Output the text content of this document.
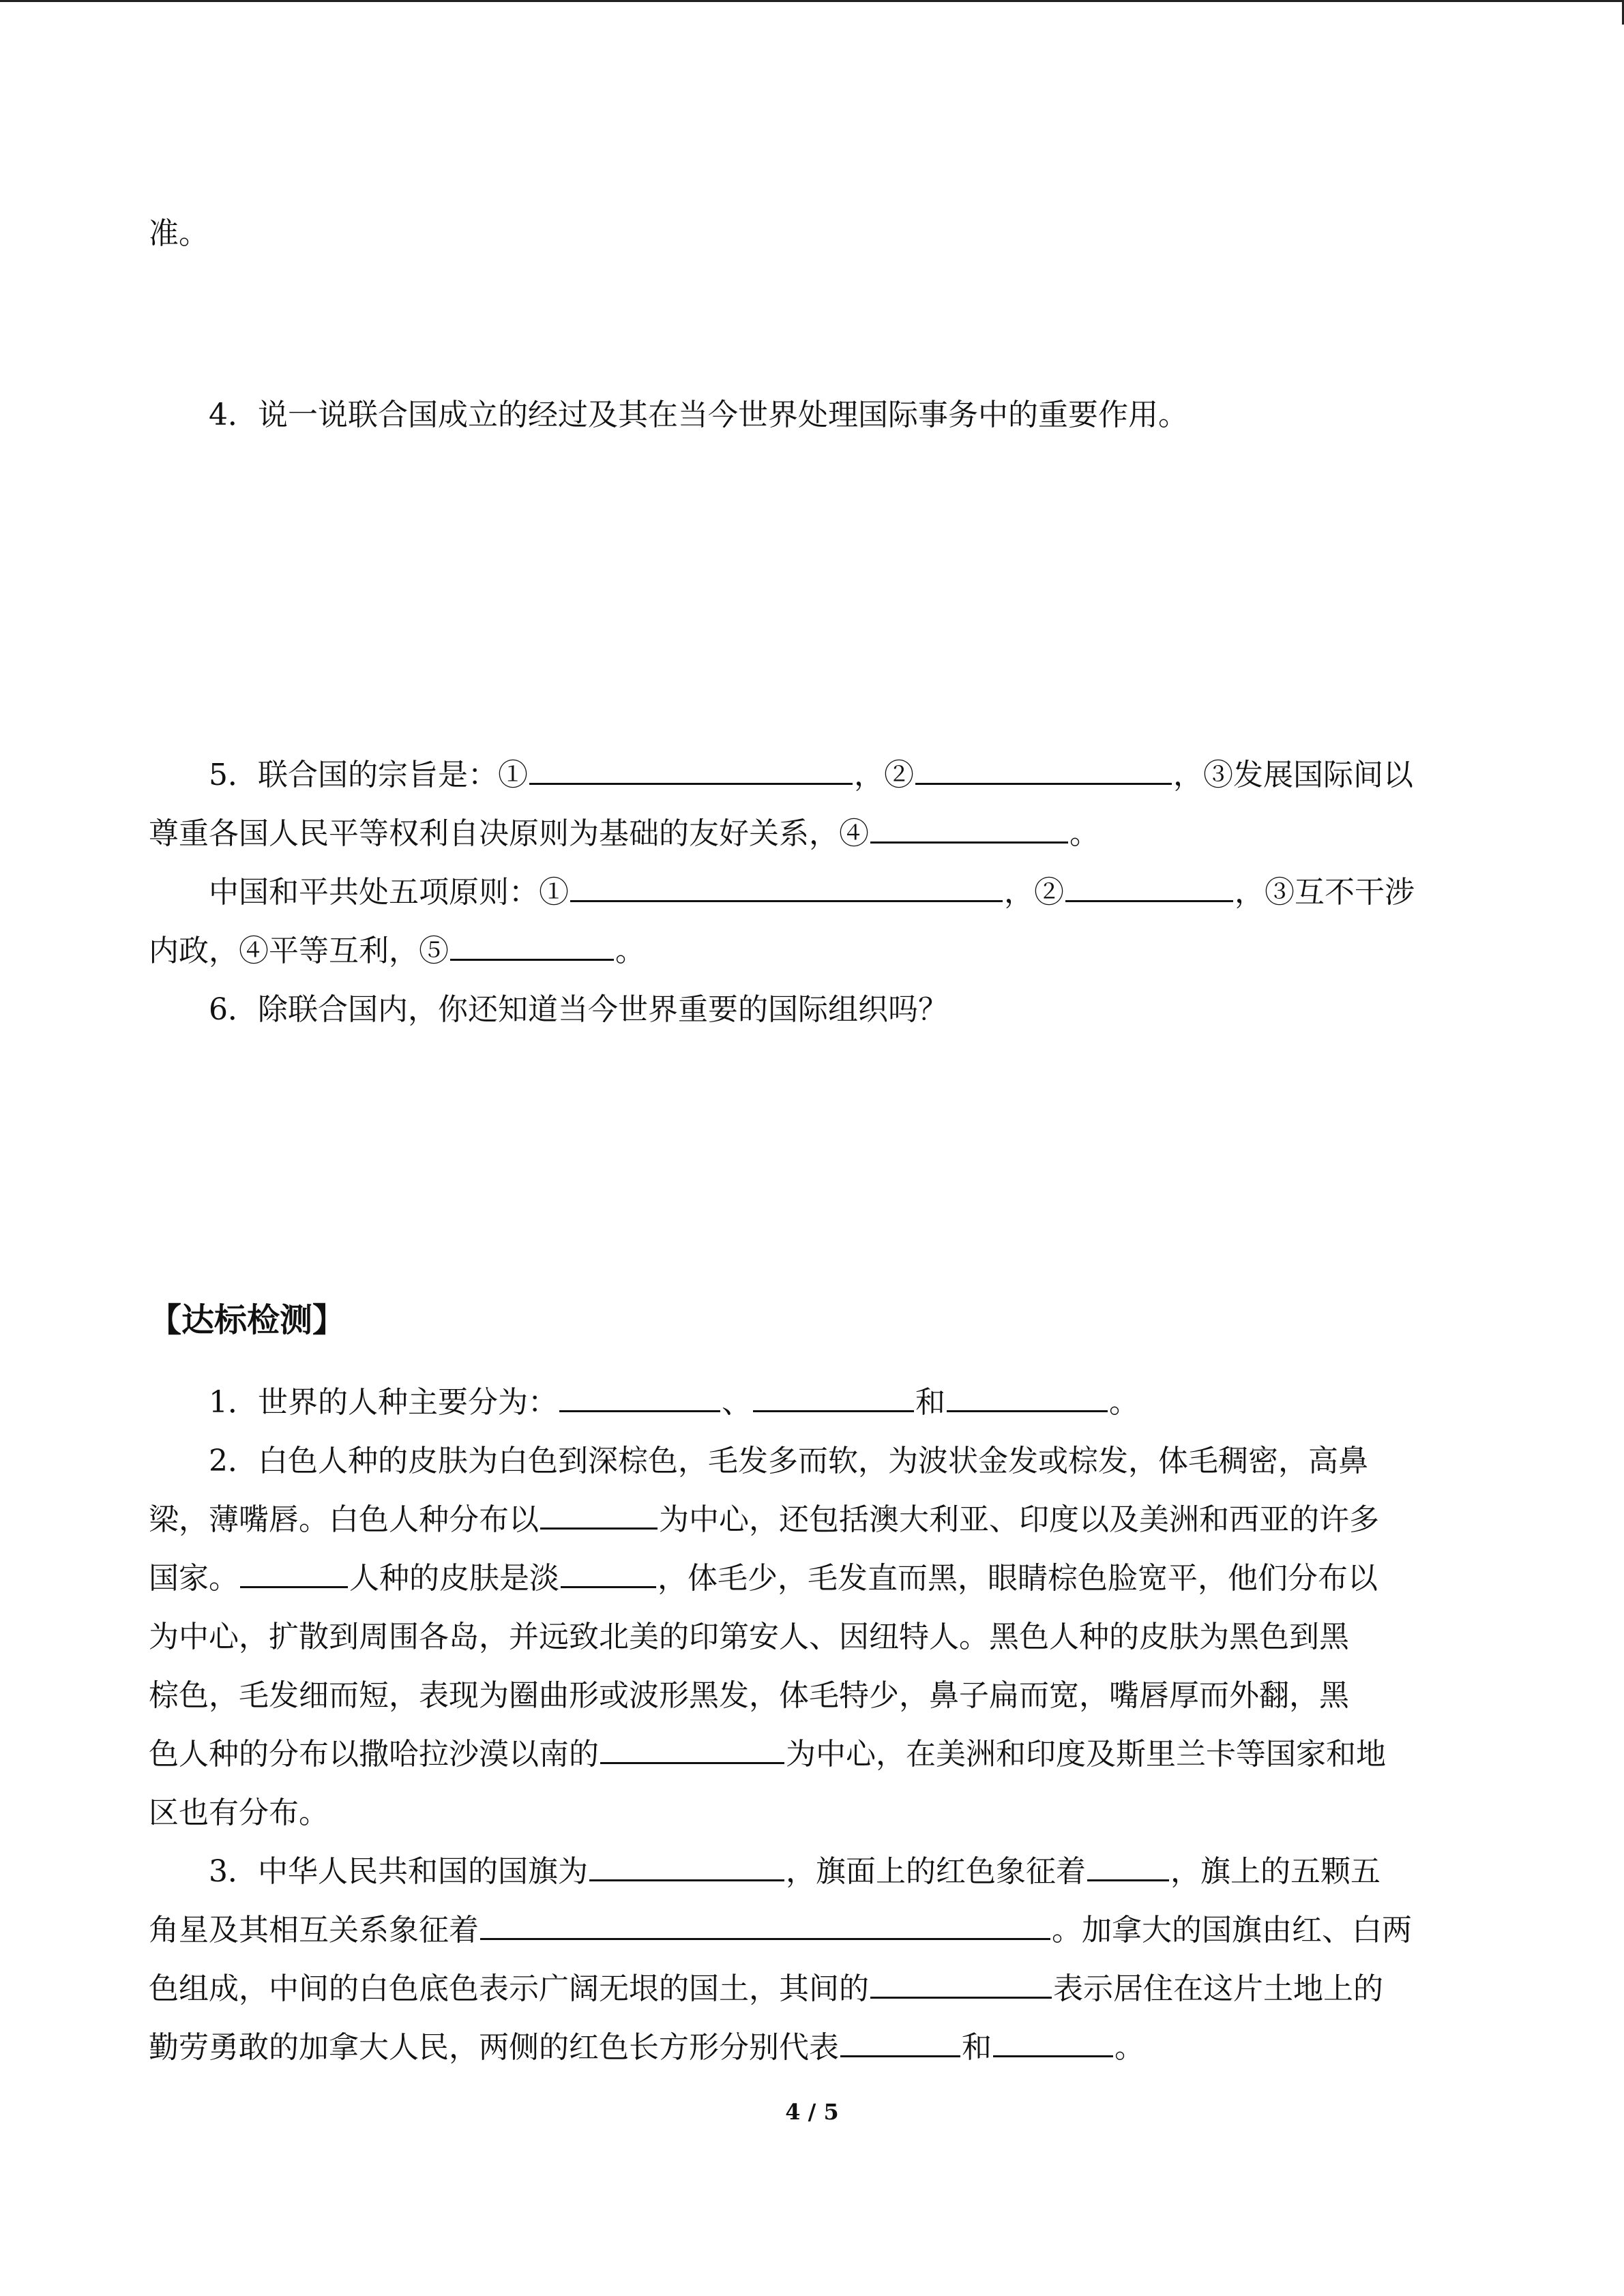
准。
4．说一说联合国成立的经过及其在当今世界处理国际事务中的重要作用。
5．联合国的宗旨是：①	，②	，③发展国际间以
尊重各国人民平等权利自决原则为基础的友好关系，④	。
中国和平共处五项原则：①	，②	，③互不干涉
内政，④平等互利，⑤	。
6．除联合国内，你还知道当今世界重要的国际组织吗？
【达标检测】
1．世界的人种主要分为：	、	和	。
2．白色人种的皮肤为白色到深棕色，毛发多而软，为波状金发或棕发，体毛稠密，高鼻
梁，薄嘴唇。白色人种分布以	为中心，还包括澳大利亚、印度以及美洲和西亚的许多
国家。	人种的皮肤是淡	，体毛少，毛发直而黑，眼睛棕色脸宽平，他们分布以
为中心，扩散到周围各岛，并远致北美的印第安人、因纽特人。黑色人种的皮肤为黑色到黑
棕色，毛发细而短，表现为圈曲形或波形黑发，体毛特少，鼻子扁而宽，嘴唇厚而外翻，黑
色人种的分布以撒哈拉沙漠以南的	为中心，在美洲和印度及斯里兰卡等国家和地
区也有分布。
3．中华人民共和国的国旗为	，旗面上的红色象征着	，旗上的五颗五
角星及其相互关系象征着	。加拿大的国旗由红、白两
色组成，中间的白色底色表示广阔无垠的国土，其间的	表示居住在这片土地上的
勤劳勇敢的加拿大人民，两侧的红色长方形分别代表	和	。
4 / 5
